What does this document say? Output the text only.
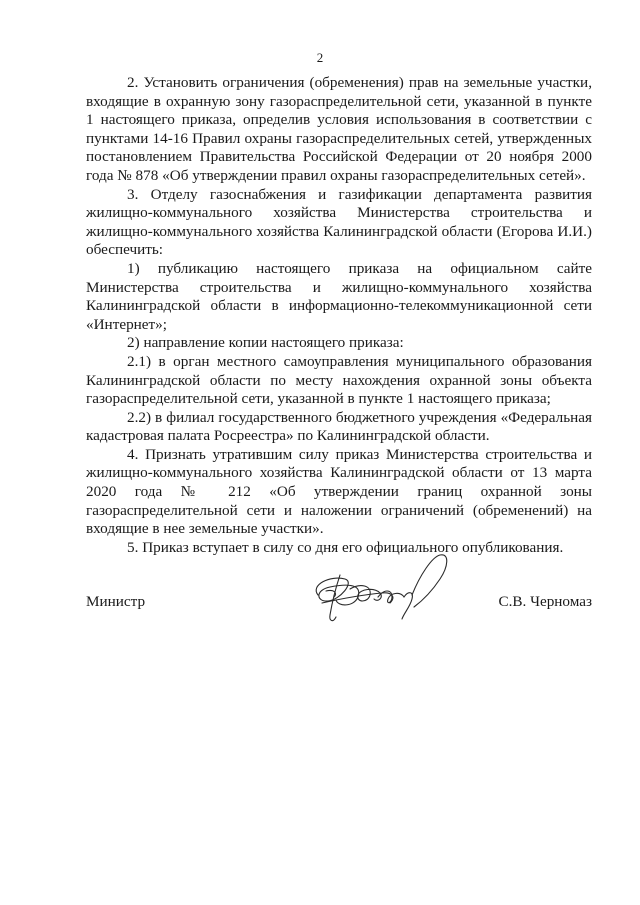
2

2. Установить ограничения (обременения) прав на земельные участки, входящие в охранную зону газораспределительной сети, указанной в пункте 1 настоящего приказа, определив условия использования в соответствии с пунктами 14-16 Правил охраны газораспределительных сетей, утвержденных постановлением Правительства Российской Федерации от 20 ноября 2000 года № 878 «Об утверждении правил охраны газораспределительных сетей».

3. Отделу газоснабжения и газификации департамента развития жилищно-коммунального хозяйства Министерства строительства и жилищно-коммунального хозяйства Калининградской области (Егорова И.И.) обеспечить:

1) публикацию настоящего приказа на официальном сайте Министерства строительства и жилищно-коммунального хозяйства Калининградской области в информационно-телекоммуникационной сети «Интернет»;

2) направление копии настоящего приказа:

2.1) в орган местного самоуправления муниципального образования Калининградской области по месту нахождения охранной зоны объекта газораспределительной сети, указанной в пункте 1 настоящего приказа;

2.2) в филиал государственного бюджетного учреждения «Федеральная кадастровая палата Росреестра» по Калининградской области.

4. Признать утратившим силу приказ Министерства строительства и жилищно-коммунального хозяйства Калининградской области от 13 марта 2020 года № 212 «Об утверждении границ охранной зоны газораспределительной сети и наложении ограничений (обременений) на входящие в нее земельные участки».

5. Приказ вступает в силу со дня его официального опубликования.

Министр	С.В. Черномаз
